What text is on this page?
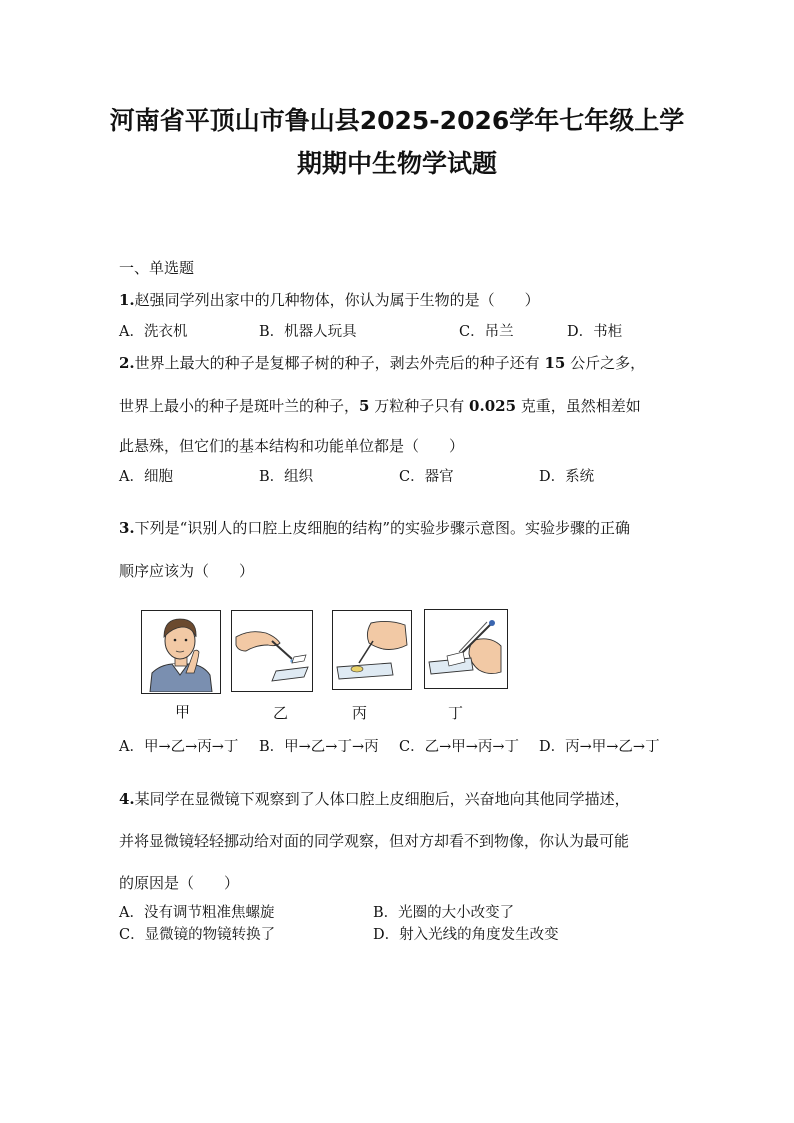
河南省平顶山市鲁山县2025-2026学年七年级上学
期期中生物学试题
一、单选题
1.赵强同学列出家中的几种物体，你认为属于生物的是（　　）
A．洗衣机	B．机器人玩具	C．吊兰	D．书柜
2.世界上最大的种子是复椰子树的种子，剥去外壳后的种子还有 15 公斤之多，
世界上最小的种子是斑叶兰的种子，5 万粒种子只有 0.025 克重，虽然相差如
此悬殊，但它们的基本结构和功能单位都是（　　）
A．细胞	B．组织	C．器官	D．系统
3.下列是“识别人的口腔上皮细胞的结构”的实验步骤示意图。实验步骤的正确
顺序应该为（　　）
甲	乙	丙	丁
A．甲→乙→丙→丁 B．甲→乙→丁→丙 C．乙→甲→丙→丁 D．丙→甲→乙→丁
4.某同学在显微镜下观察到了人体口腔上皮细胞后，兴奋地向其他同学描述，
并将显微镜轻轻挪动给对面的同学观察，但对方却看不到物像，你认为最可能
的原因是（　　）
A．没有调节粗准焦螺旋	B．光圈的大小改变了
C．显微镜的物镜转换了	D．射入光线的角度发生改变
